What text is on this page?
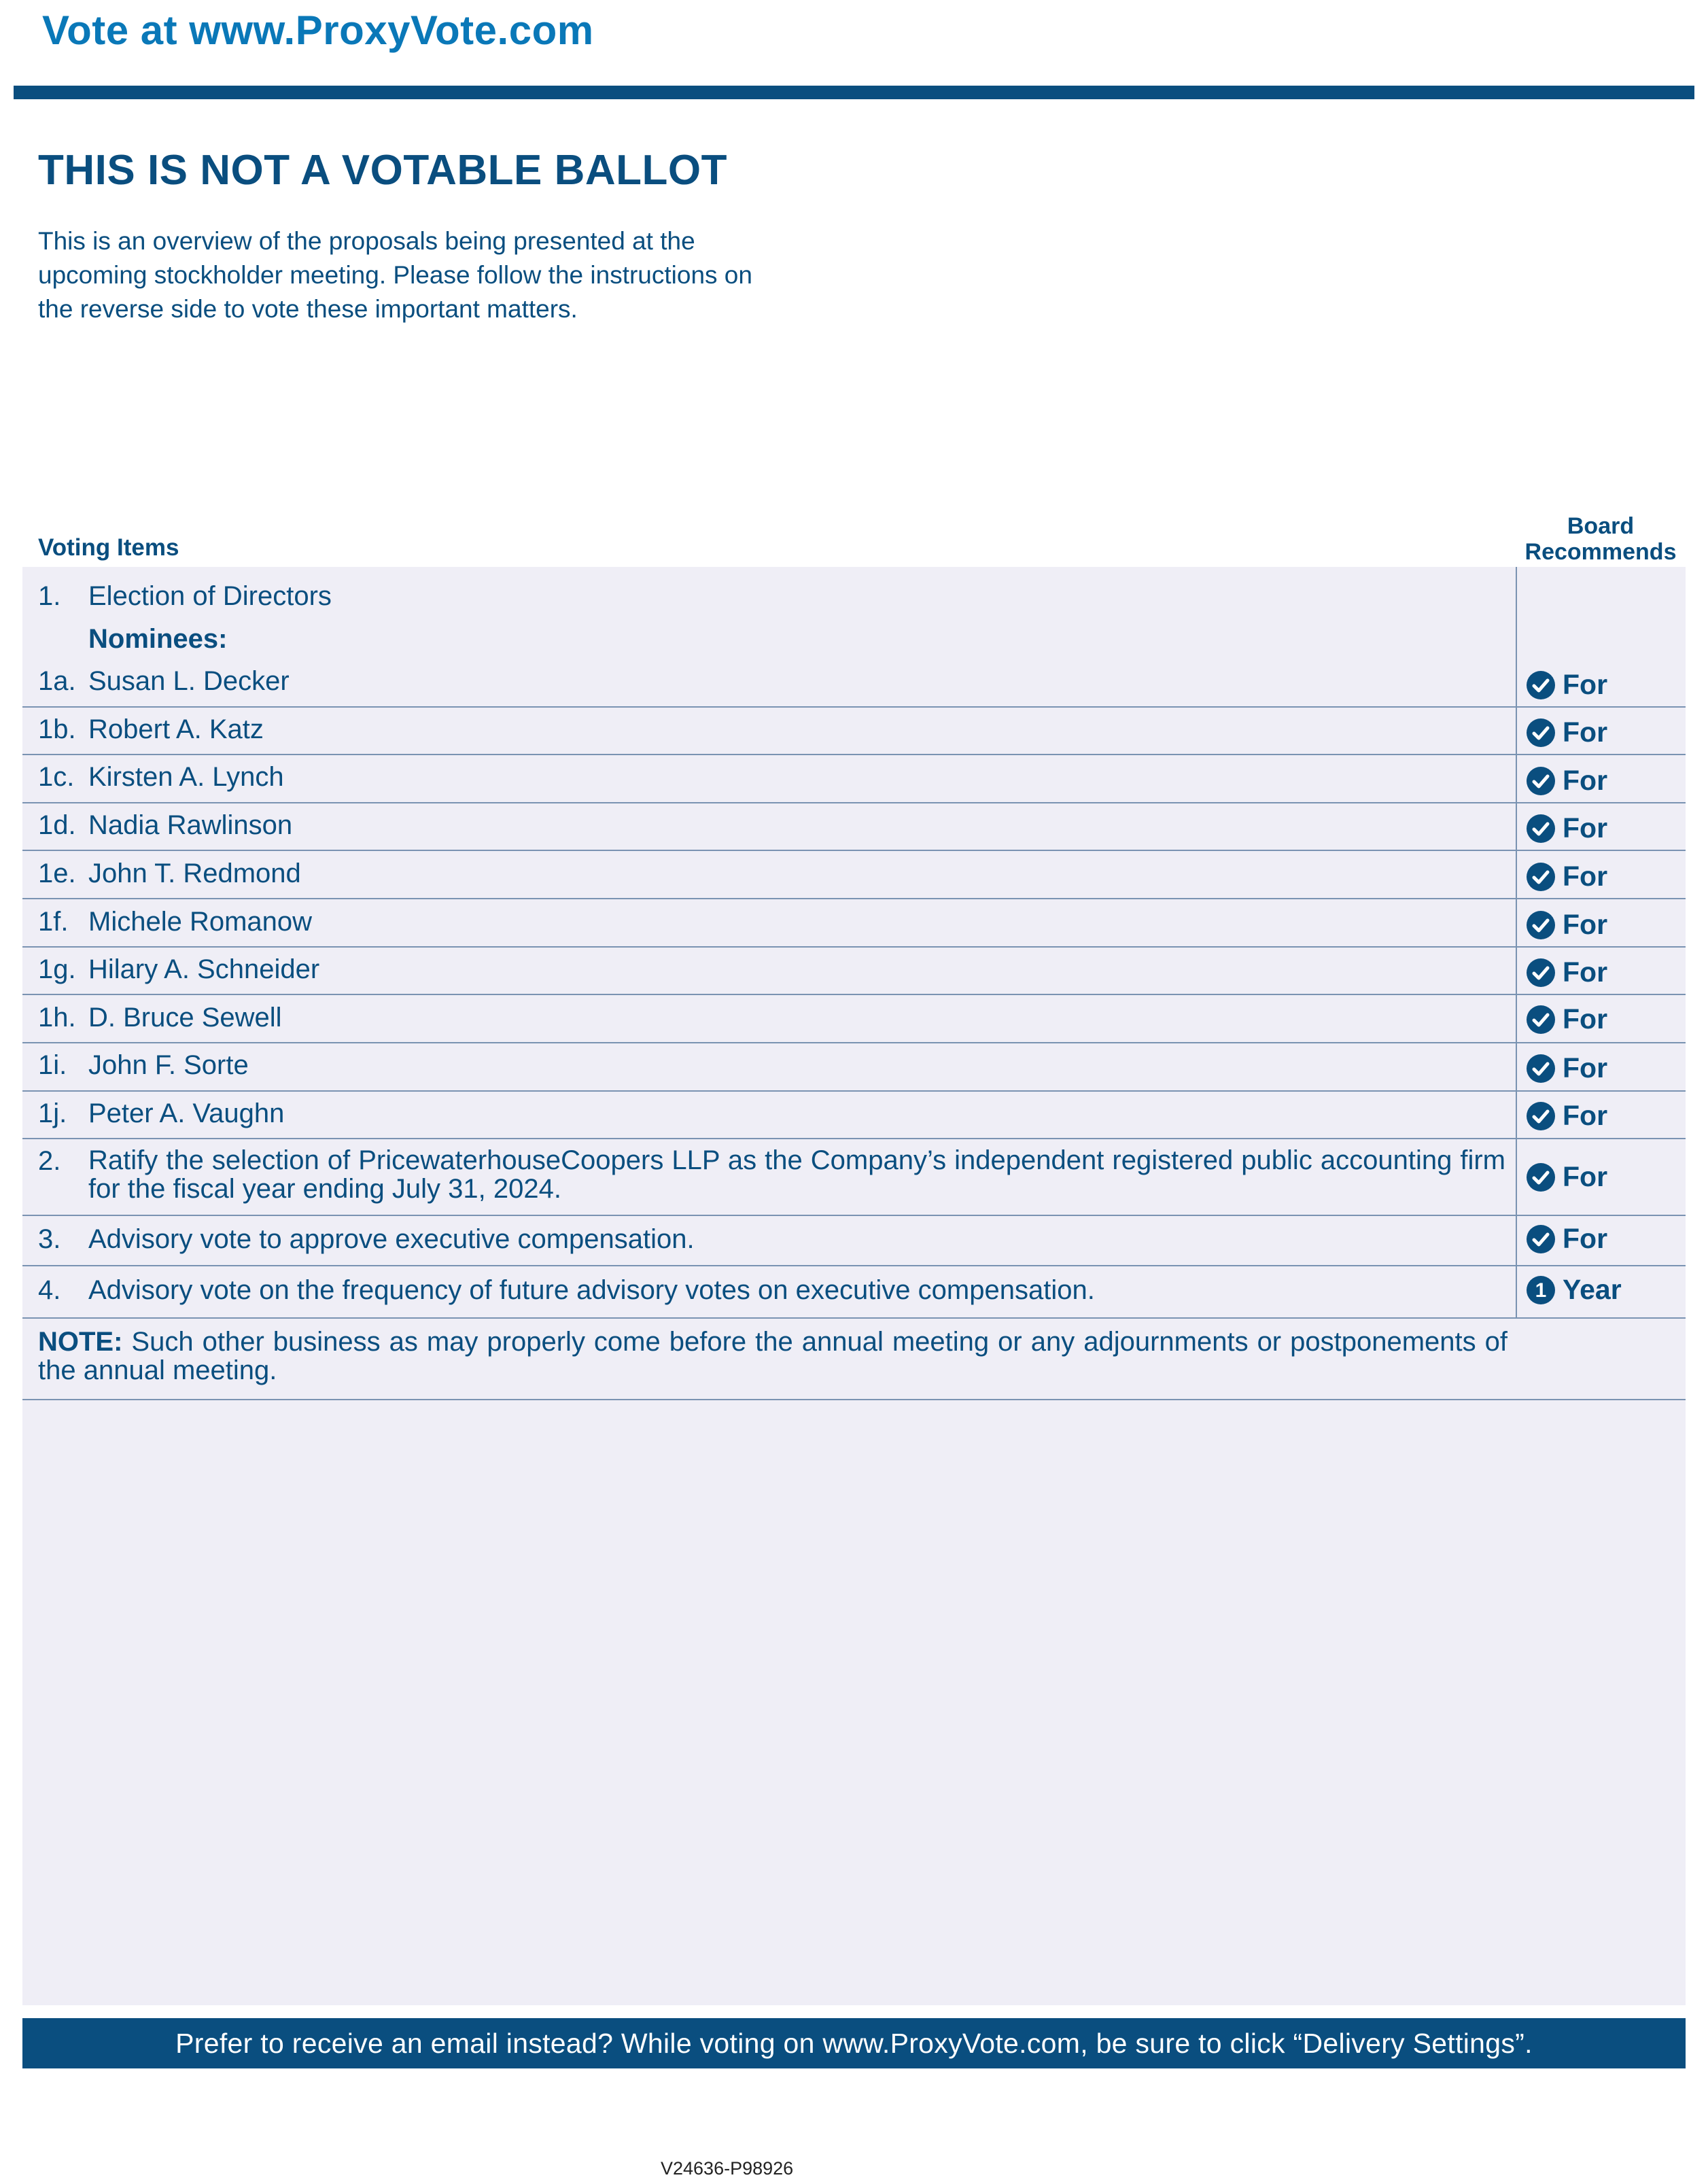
Vote at www.ProxyVote.com
THIS IS NOT A VOTABLE BALLOT
This is an overview of the proposals being presented at the
upcoming stockholder meeting. Please follow the instructions on
the reverse side to vote these important matters.
Voting Items
Board
Recommends
1. Election of Directors
Nominees:
1a. Susan L. Decker	For
1b. Robert A. Katz	For
1c. Kirsten A. Lynch	For
1d. Nadia Rawlinson	For
1e. John T. Redmond	For
1f. Michele Romanow	For
1g. Hilary A. Schneider	For
1h. D. Bruce Sewell	For
1i. John F. Sorte	For
1j. Peter A. Vaughn	For
2. Ratify the selection of PricewaterhouseCoopers LLP as the Company’s independent registered public accounting firm for the fiscal year ending July 31, 2024.	For
3. Advisory vote to approve executive compensation.	For
4. Advisory vote on the frequency of future advisory votes on executive compensation.	1 Year
NOTE: Such other business as may properly come before the annual meeting or any adjournments or postponements of the annual meeting.
Prefer to receive an email instead? While voting on www.ProxyVote.com, be sure to click “Delivery Settings”.
V24636-P98926
